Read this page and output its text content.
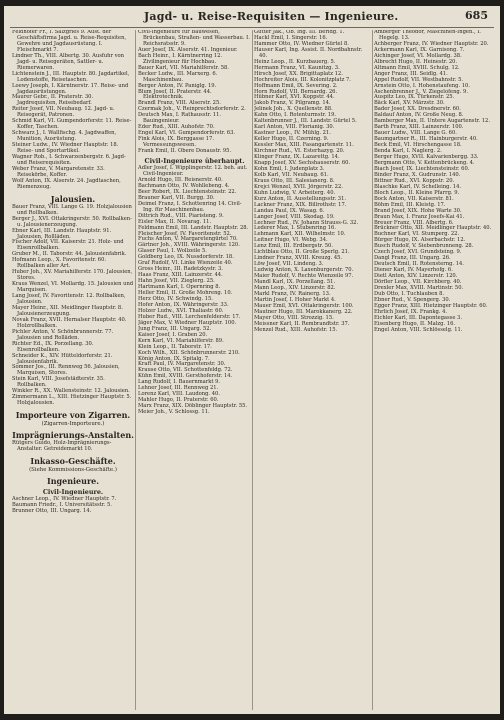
Jagd- u. Reise-Requisiten — Ingenieure.	685

Feldhofer Fr., I. Salzgries 9. Aust. der Geschäftsfirma Jagd. u. Reise-Requisiten, Gewehre und Jagdausrüstung. I. Fleischmarkt 7.

Lindner Th., VIII. Albertg. 30. Ausfuhr von Jagd- u. Reisegeräten, Sattler- u. Riemerwaren.

Lichtenstein J., III. Hauptstr. 80. Jagdartikel, Lodenstoffe, Reisetaschen.

Loewy Joseph, I. Kärntnerstr. 17. Reise- und Jagdausrüstungen.

Maurer Gebr., II. Praterstr. 30. Jagdrequisiten, Reisebedarf.

Reiter Josef, VII. Neubaug. 12. Jagd- u. Reisegerät, Patronen.

Schmid Karl, VI. Gumpendorferstr. 11. Reise-Koffer, Taschen.

Schwarz J., I. Wallfischg. 4. Jagdwaffen, Munition, Ausrüstung.

Steiner Ludw., IV. Wiedner Hauptstr. 18. Reise- und Sportartikel.

Wagner Rob., I. Schwarzenbergstr. 6. Jagd- und Reiserequisiten.

Weber Franz, V. Margaretenstr. 33. Reisekörbe, Koffer.

Wolf Anton, IX. Alserstr. 24. Jagdtaschen, Riemenzeug.

Jalousien.

Bauer Franz, VIII. Lange G. 19. Holzjalousien und Rollbalken.

Berger J., XVI. Ottakringerstr. 50. Rollbalken- u. Jalousienerzeugung.

Ebner Karl, III. Landstr. Hauptstr. 91. Jalousien, Rollläden.

Fischer Adolf, VII. Kaiserstr. 21. Holz- und Eisenrollbalken.

Gruber M., II. Taborstr. 44. Jalousienfabrik.

Hofmann Leop., X. Favoritenstr. 60. Rollbalken aller Art.

Huber Joh., XV. Mariahilferstr. 170. Jalousien, Stores.

Kraus Wenzel, VI. Mollardg. 15. Jalousien und Marquisen.

Lang Josef, IV. Favoritenstr. 12. Rollbalken, Jalousien.

Mayer Heinr., XII. Meidlinger Hauptstr. 8. Jalousienerzeugung.

Novak Franz, XVII. Hernalser Hauptstr. 40. Holzrollbalken.

Pichler Anton, V. Schönbrunnerstr. 77. Jalousien und Rolläden.

Richter Ed., IX. Porzellang. 30. Eisenrollbalken.

Schneider K., XIV. Hütteldorferstr. 21. Jalousienfabrik.

Sommer Jos., III. Rennweg 56. Jalousien, Marquisen, Stores.

Stein Karl, VIII. Josefstädterstr. 35. Rollbalken.

Winkler R., XX. Wallensteinstr. 12. Jalousien.

Zimmermann L., XIII. Hietzinger Hauptstr. 5. Holzjalousien.

Importeure von Zigarren.
(Zigarren-Importeure.)
Imprägnierungs-Anstalten.

Rütgers Guido, Holz-Imprägnierungs-Anstalter. Getreidemarkt 10.

Inkasso-Geschäfte.
(Siehe Kommissions-Geschäfte.)
Ingenieure.
Civil-Ingenieure.

Aschner Leop., IV. Wiedner Hauptstr. 7.

Baumann Friedr., I. Universitätsstr. 5.

Brunner Otto, III. Ungarg. 14.

Civil-Ingenieure für Bauwesen, Brückenbau, Straßen- und Wasserbau. I. Reichsratsstr. 9.

Auer Josef, IX. Alserstr. 41. Ingenieur.

Bach Heinr., I. Kärntnerring 12. Zivilingenieur für Hochbau.

Bauer Karl, VII. Mariahilferstr. 58.

Becker Ludw., III. Marxerg. 6. Maschinenbau.

Berger Anton, IV. Paniglg. 19.

Blum Josef, II. Praterstr. 44. Elektrotechnik.

Brandl Franz, VIII. Alserstr. 25.

Czermak Joh., V. Reinprechtsdorferstr. 2.

Deutsch Max, I. Rathausstr. 11. Bauingenieur.

Eder Rud., XIII. Auhofstr. 70.

Engel Karl, VI. Gumpendorferstr. 63.

Fink Alois, IX. Berggasse 17. Vermessungswesen.

Frank Emil, II. Obere Donaustr. 95.

Civil-Ingenieure überhaupt.

Adler Josef, I. Wipplingerstr. 12. beh. aut. Civil-Ingenieur.

Arnold Hugo, III. Reisnerstr. 40.

Bachmann Otto, IV. Wohllebeng. 4.

Beer Robert, IX. Liechtensteinstr. 22.

Brauner Karl, VII. Burgg. 30.

Deimel Franz, I. Schottenring 14. Civil-Ing. für Maschinenbau.

Dittrich Rud., VIII. Piaristeng. 9.

Eisler Max, II. Novarag. 11.

Feldmann Emil, III. Landstr. Hauptstr. 28.

Fleischer Josef, IV. Favoritenstr. 52.

Fuchs Anton, V. Margaretengürtel 70.

Gärtner Joh., XVIII. Währingerstr. 120.

Glaser Paul, I. Wollzeile 5.

Goldberg Leo, IX. Nussdorferstr. 18.

Graf Rudolf, VI. Linke Wienzeile 40.

Gross Heinr., III. Radetzkystr. 3.

Haas Franz, XIII. Lainzerstr. 44.

Hahn Josef, VII. Zieglerg. 25.

Hartmann Karl, I. Opernring 8.

Heller Emil, II. Große Mohreng. 10.

Herz Otto, IV. Schwindg. 15.

Hofer Anton, IX. Währingerstr. 33.

Holzer Ludw., XVI. Thaliastr. 60.

Huber Rud., VIII. Lerchenfelderstr. 17.

Jäger Max, V. Wiedner Hauptstr. 100.

Jung Franz, III. Ungarg. 52.

Kaiser Josef, I. Graben 20.

Kern Karl, VI. Mariahilferstr. 89.

Klein Leop., II. Taborstr. 17.

Koch Wilh., XII. Schönbrunnerstr. 210.

König Anton, IX. Spitalg. 7.

Kraft Paul, IV. Margaretenstr. 30.

Krause Otto, VII. Schottenfeldg. 72.

Kühn Emil, XVIII. Gersthoferstr. 14.

Lang Rudolf, I. Bauernmarkt 9.

Lehner Josef, III. Rennweg 21.

Lorenz Karl, VIII. Laudong. 40.

Mahler Hugo, II. Praterstr. 60.

Marx Franz, XIX. Döblinger Hauptstr. 55.

Meier Joh., V. Schlossg. 11.

Gutter Jak., Ob. Ing. III. Beridg. 1.

Hackl Emil, I. Singerstr. 16.

Hammer Otto, IV. Wiedner Gürtel 8.

Hauser Karl, Ing. Assist. II. Nordbahnstr. 40.

Heinz Leop., II. Kurzbauerg. 5.

Hermann Franz, VI. Kaunitzg. 3.

Hirsch Josef, XX. Brigittaplatz 12.

Hochreiter Alois, III. Kolonitzplatz 7.

Hoffmann Emil, IX. Severing. 2.

Horn Rudolf, VII. Bernardg. 26.

Hübner Karl, XVI. Koppstr. 44.

Jakob Franz, V. Pilgramg. 14.

Jelinek Joh., X. Quellenstr. 88.

Kahn Otto, I. Rotenturmstr. 19.

Kaltenbrunner J., III. Landstr. Gürtel 5.

Karl Anton, VIII. Florianig. 30.

Kastner Leop., IV. Mühlg. 21.

Keller Hugo, II. Czerning. 9.

Kessler Max, XIII. Fasangartenstr. 11.

Kirchner Rud., VI. Esterhazyg. 20.

Klinger Franz, IX. Lazarettg. 14.

Knapp Josef, XV. Sechshauserstr. 60.

Kohn Emil, I. Judenplatz 3.

Kolb Karl, VII. Neubaug. 61.

Kraus Otto, III. Salesianerg. 8.

Krejci Wenzel, XVII. Jörgerstr. 22.

Kuhn Ludwig, V. Arbeiterg. 40.

Kurz Anton, II. Ausstellungsstr. 31.

Lackner Franz, XIX. Billrothstr. 17.

Landau Paul, IX. Wasag. 6.

Langer Josef, VIII. Skodag. 19.

Lechner Rud., IV. Johann Strauss-G. 32.

Lederer Max, I. Stubenring 16.

Lehmann Karl, XII. Wilhelmstr. 10.

Leitner Hugo, VI. Webg. 34.

Lenz Emil, III. Erdbergstr. 50.

Lichtblau Otto, II. Große Sperlg. 21.

Lindner Franz, XVIII. Kreuzg. 45.

Löw Josef, VII. Lindeng. 3.

Ludwig Anton, X. Laxenburgerstr. 70.

Maier Rudolf, V. Rechte Wienzeile 97.

Mandl Karl, IX. Porzellang. 51.

Mann Leop., XIV. Linzerstr. 82.

Markl Franz, IV. Rainerg. 13.

Martin Josef, I. Hoher Markt 4.

Mauer Emil, XVI. Ottakringerstr. 100.

Mautner Hugo, III. Marokkanerg. 22.

Mayer Otto, VIII. Strozzig. 15.

Meissner Karl, II. Rembrandtstr. 37.

Menzel Rud., XIII. Auhofstr. 15.

Amberger Theodor, Maschinen-Ingen., I. Hegelg. 13.

Achberger Franz, IV. Wiedner Hauptstr. 20.

Ackermann Karl, IX. Garnisong. 7.

Aichinger Josef, VI. Mollardg. 38.

Albrecht Hugo, II. Heinestr. 20.

Altmann Emil, XVIII. Schulg. 12.

Anger Franz, III. Seidlg. 41.

Appel Rudolf, VII. Westbahnstr. 5.

Arnstein Otto, I. Hohenstaufeng. 10.

Aschenbrenner J., V. Ziegelofeng. 9.

Auspitz Leo, IX. Türkenstr. 25.

Bäck Karl, XV. Märzstr. 30.

Bader Josef, XX. Dresdnerstr. 60.

Baldauf Anton, IV. Große Neug. 8.

Bamberger Max, II. Untere Augartenstr. 12.

Barth Franz, XIII. Lainzerstr. 100.

Bauer Ludw., VIII. Lange G. 60.

Baumgartner R., III. Hainburgerstr. 40.

Beck Emil, VI. Hirschengasse 18.

Benda Karl, I. Naglerg. 2.

Berger Hugo, XVII. Kalvarienbergg. 33.

Bergmann Otto, V. Kettenbrückeng. 4.

Biach Josef, IX. Liechtensteinstr. 60.

Binder Franz, X. Gudrunstr. 140.

Bittner Rud., XVI. Koppstr. 20.

Blaschke Karl, IV. Schelleing. 14.

Bloch Leop., II. Kleine Pfarrg. 9.

Bock Anton, VII. Kaiserstr. 81.

Böhm Emil, III. Kleistg. 17.

Brand Josef, XIX. Hohe Warte 30.

Braun Max, I. Franz Josefs-Kai 41.

Breuer Franz, VIII. Albertg. 6.

Brückner Otto, XII. Meidlinger Hauptstr. 40.

Buchner Karl, VI. Stumperg. 22.

Bürger Hugo, IX. Alserbachstr. 12.

Busch Rudolf, V. Siebenbrunneng. 28.

Czech Josef, XVI. Grundsteing. 9.

Dangl Franz, III. Ungarg. 26.

Deutsch Emil, II. Rotensterng. 14.

Diener Karl, IV. Mayerhofg. 6.

Dietl Anton, XIV. Linzerstr. 120.

Dörfler Leop., VII. Kirchberg. 40.

Drexler Max, XVIII. Martinstr. 50.

Dub Otto, I. Tuchlauben 8.

Ebner Rud., V. Spengerg. 30.

Egger Franz, XIII. Hietzinger Hauptstr. 60.

Ehrlich Josef, IX. Frankg. 4.

Eichler Karl, III. Dapontegasse 3.

Eisenberg Hugo, II. Malzg. 16.

Engel Anton, VIII. Schlösselg. 11.
